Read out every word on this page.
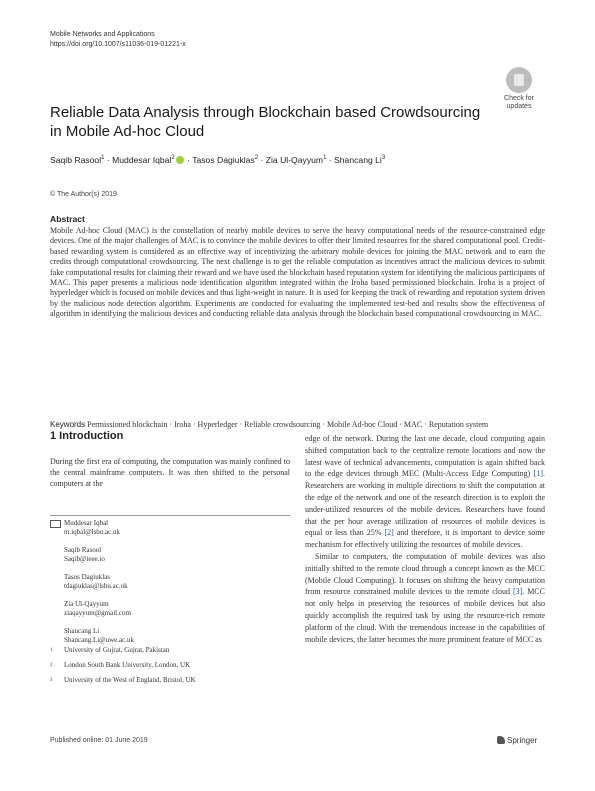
Mobile Networks and Applications
https://doi.org/10.1007/s11036-019-01221-x
Check for
updates
Reliable Data Analysis through Blockchain based Crowdsourcing in Mobile Ad-hoc Cloud
Saqib Rasool$^1$ · Muddesar Iqbal$^2$ · Tasos Dagiuklas$^2$ · Zia Ul-Qayyum$^1$ · Shancang Li$^3$
© The Author(s) 2019
Abstract
Mobile Ad-hoc Cloud (MAC) is the constellation of nearby mobile devices to serve the heavy computational needs of the resource-constrained edge devices. One of the major challenges of MAC is to convince the mobile devices to offer their limited resources for the shared computational pool. Credit-based rewarding system is considered as an effective way of incentivizing the arbitrary mobile devices for joining the MAC network and to earn the credits through computational crowdsourcing. The next challenge is to get the reliable computation as incentives attract the malicious devices to submit fake computational results for claiming their reward and we have used the blockchain based reputation system for identifying the malicious participants of MAC. This paper presents a malicious node identification algorithm integrated within the Iroha based permissioned blockchain. Iroha is a project of hyperledger which is focused on mobile devices and thus light-weight in nature. It is used for keeping the track of rewarding and reputation system driven by the malicious node detection algorithm. Experiments are conducted for evaluating the implemented test-bed and results show the effectiveness of algorithm in identifying the malicious devices and conducting reliable data analysis through the blockchain based computational crowdsourcing in MAC.
Keywords Permissioned blockchain · Iroha · Hyperledger · Reliable crowdsourcing · Mobile Ad-hoc Cloud · MAC · Reputation system
1 Introduction
During the first era of computing, the computation was mainly confined to the central mainframe computers. It was then shifted to the personal computers at the

edge of the network. During the last one decade, cloud computing again shifted computation back to the centralize remote locations and now the latest wave of technical advancements, computation is again shifted back to the edge devices through MEC (Multi-Access Edge Computing) [1]. Researchers are working in multiple directions to shift the computation at the edge of the network and one of the research direction is to exploit the under-utilized resources of the mobile devices. Researchers have found that the per hour average utilization of resources of mobile devices is equal or less than 25% [2] and therefore, it is important to device some mechanism for effectively utilizing the resources of mobile devices.

Similar to computers, the computation of mobile devices was also initially shifted to the remote cloud through a concept known as the MCC (Mobile Cloud Computing). It focuses on shifting the heavy computation from resource constrained mobile devices to the remote cloud [3]. MCC not only helps in preserving the resources of mobile devices but also quickly accomplish the required task by using the resource-rich remote platform of the cloud. With the tremendous increase in the capabilities of mobile devices, the latter becomes the more prominent feature of MCC as

Muddesar Iqbal
m.iqbal@lsbu.ac.uk
Saqib Rasool
Saqib@ieee.io
Tasos Dagiuklas
tdagiuklas@lsbu.ac.uk
Zia Ul-Qayyum
ziaqayyum@gmail.com
Shancang Li
Shancang.Li@uwe.ac.uk
1	University of Gujrat, Gujrat, Pakistan
2	London South Bank University, London, UK
3	University of the West of England, Bristol, UK
Published online: 01 June 2019	Springer
